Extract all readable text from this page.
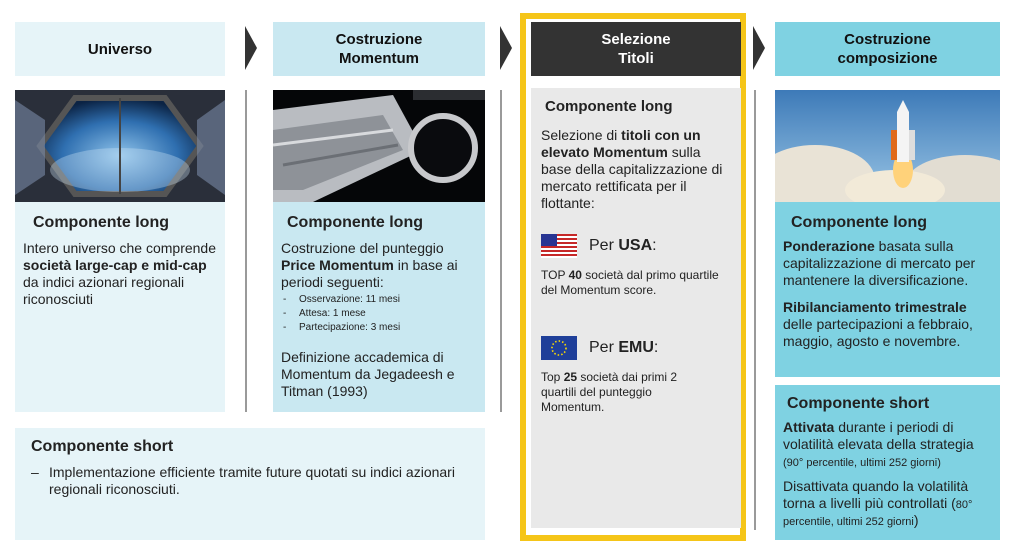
Universo
Costruzione Momentum
Selezione Titoli
Costruzione composizione
Componente long
Intero universo che comprende società large-cap e mid-cap da indici azionari regionali riconosciuti
Componente long
Costruzione del punteggio Price Momentum in base ai periodi seguenti:
- Osservazione: 11 mesi
- Attesa: 1 mese
- Partecipazione: 3 mesi
Definizione accademica di Momentum da Jegadeesh e Titman (1993)
Componente long
Selezione di titoli con un elevato Momentum sulla base della capitalizzazione di mercato rettificata per il flottante:
Per USA:
TOP 40 società dal primo quartile del Momentum score.
Per EMU:
Top 25 società dai primi 2 quartili del punteggio Momentum.
Componente long
Ponderazione basata sulla capitalizzazione di mercato per mantenere la diversificazione.
Ribilanciamento trimestrale delle partecipazioni a febbraio, maggio, agosto e novembre.
Componente short
Attivata durante i periodi di volatilità elevata della strategia (90° percentile, ultimi 252 giorni)
Disattivata quando la volatilità torna a livelli più controllati (80° percentile, ultimi 252 giorni)
Componente short
– Implementazione efficiente tramite future quotati su indici azionari regionali riconosciuti.
